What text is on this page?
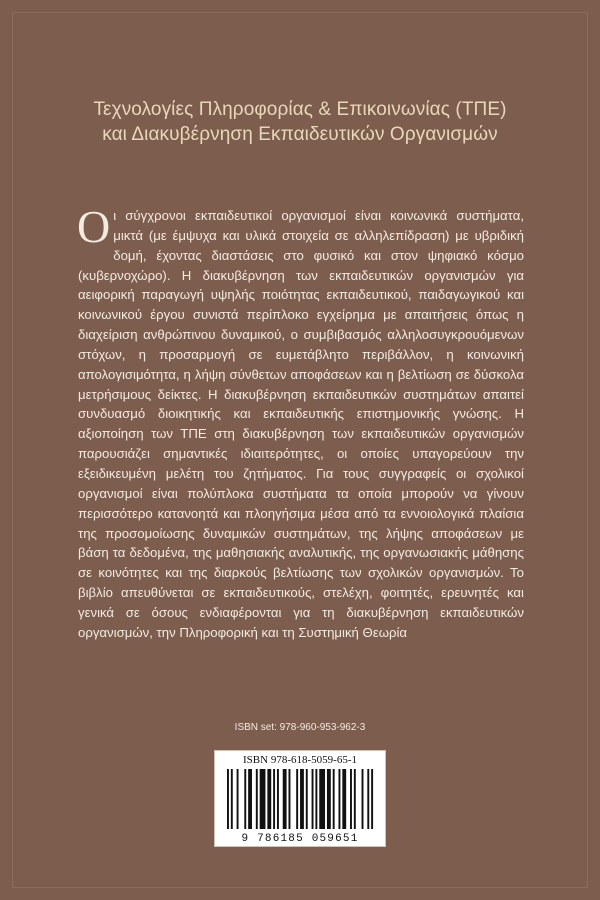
Τεχνολογίες Πληροφορίας & Επικοινωνίας (ΤΠΕ)
και Διακυβέρνηση Εκπαιδευτικών Οργανισμών
Οι σύγχρονοι εκπαιδευτικοί οργανισμοί είναι κοινωνικά συστήματα, μικτά (με έμψυχα και υλικά στοιχεία σε αλληλεπίδραση) με υβριδική δομή, έχοντας διαστάσεις στο φυσικό και στον ψηφιακό κόσμο (κυβερνοχώρο). Η διακυβέρνηση των εκπαιδευτικών οργανισμών για αειφορική παραγωγή υψηλής ποιότητας εκπαιδευτικού, παιδαγωγικού και κοινωνικού έργου συνιστά περίπλοκο εγχείρημα με απαιτήσεις όπως η διαχείριση ανθρώπινου δυναμικού, ο συμβιβασμός αλληλοσυγκρουόμενων στόχων, η προσαρμογή σε ευμετάβλητο περιβάλλον, η κοινωνική απολογισιμότητα, η λήψη σύνθετων αποφάσεων και η βελτίωση σε δύσκολα μετρήσιμους δείκτες. Η διακυβέρνηση εκπαιδευτικών συστημάτων απαιτεί συνδυασμό διοικητικής και εκπαιδευτικής επιστημονικής γνώσης. Η αξιοποίηση των ΤΠΕ στη διακυβέρνηση των εκπαιδευτικών οργανισμών παρουσιάζει σημαντικές ιδιαιτερότητες, οι οποίες υπαγορεύουν την εξειδικευμένη μελέτη του ζητήματος. Για τους συγγραφείς οι σχολικοί οργανισμοί είναι πολύπλοκα συστήματα τα οποία μπορούν να γίνουν περισσότερο κατανοητά και πλοηγήσιμα μέσα από τα εννοιολογικά πλαίσια της προσομοίωσης δυναμικών συστημάτων, της λήψης αποφάσεων με βάση τα δεδομένα, της μαθησιακής αναλυτικής, της οργανωσιακής μάθησης σε κοινότητες και της διαρκούς βελτίωσης των σχολικών οργανισμών. Το βιβλίο απευθύνεται σε εκπαιδευτικούς, στελέχη, φοιτητές, ερευνητές και γενικά σε όσους ενδιαφέρονται για τη διακυβέρνηση εκπαιδευτικών οργανισμών, την Πληροφορική και τη Συστημική Θεωρία
ISBN set: 978-960-953-962-3
ISBN 978-618-5059-65-1
9 786185 059651
